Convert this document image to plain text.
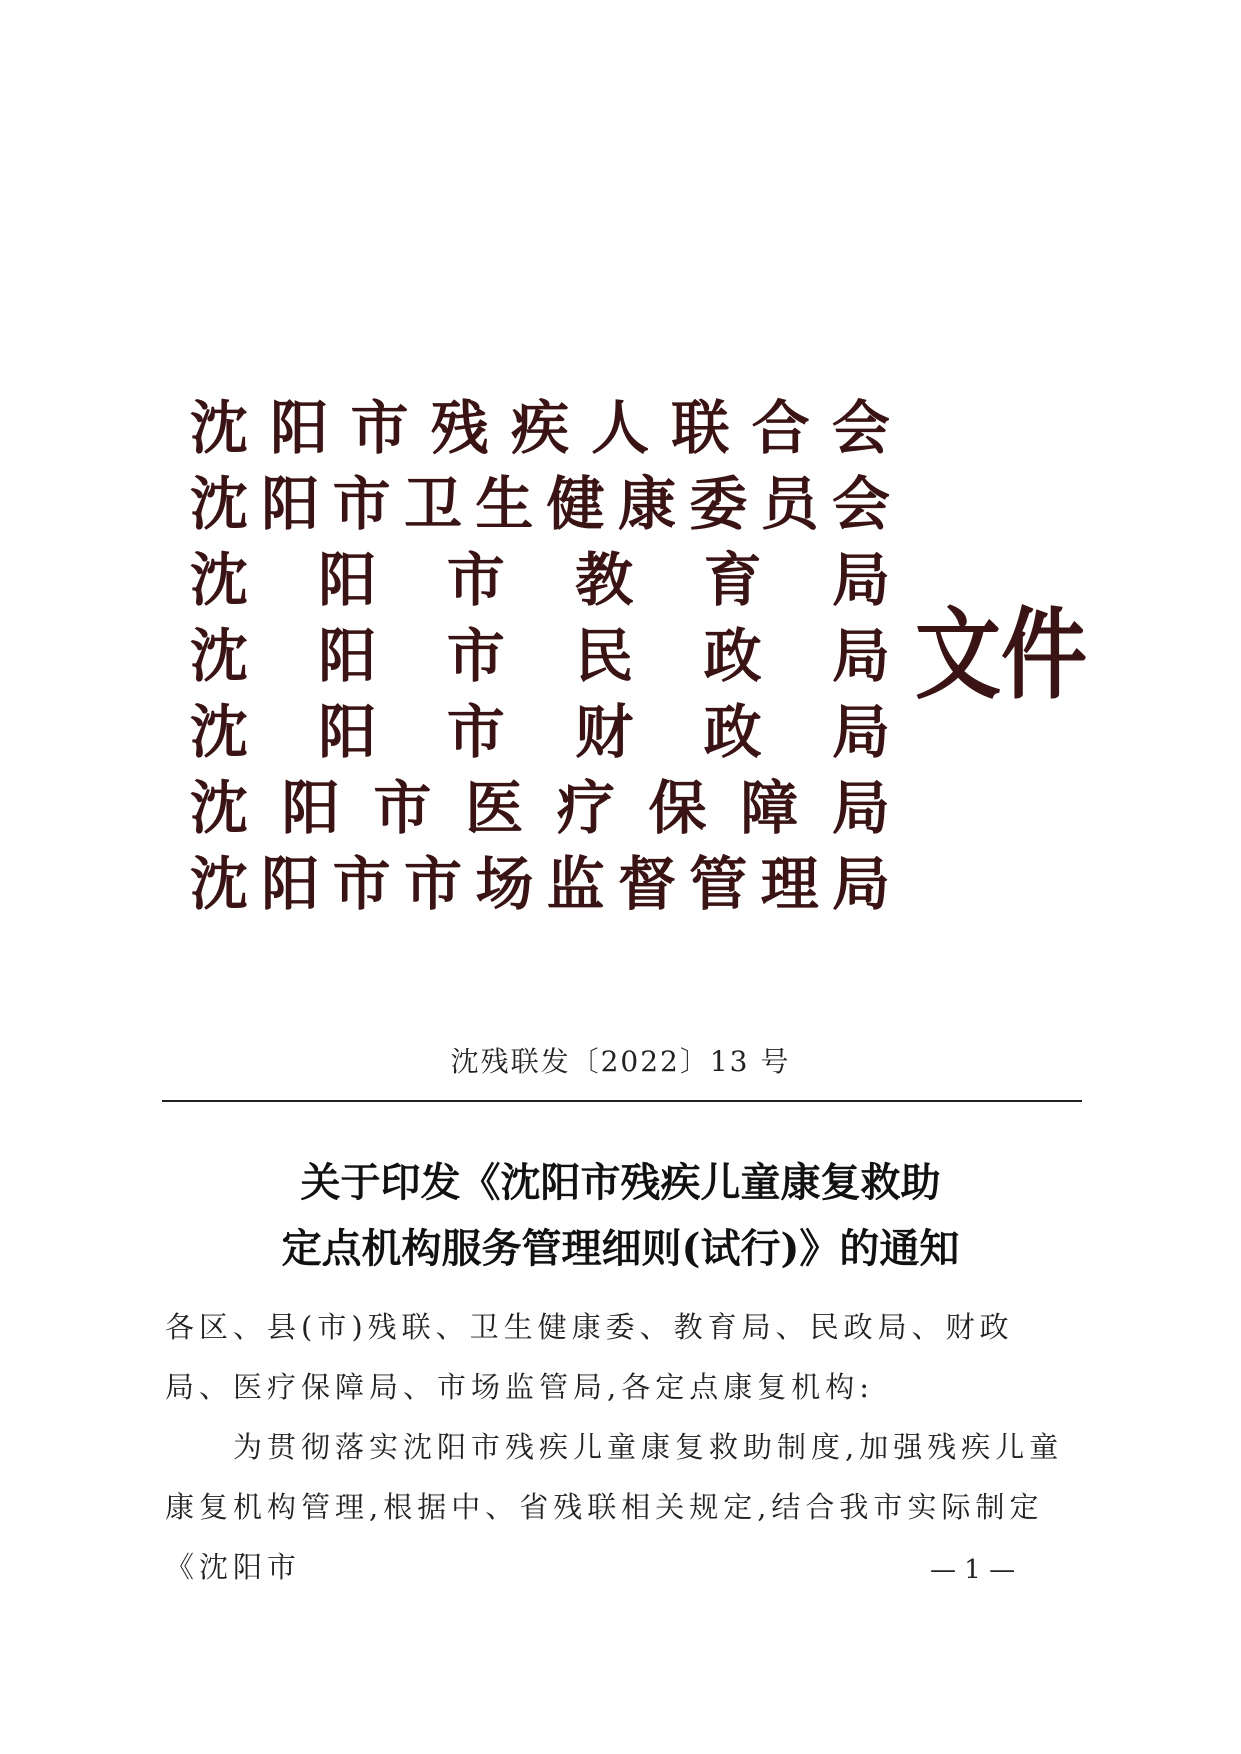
沈 阳 市 残 疾 人 联 合 会
沈 阳 市 卫 生 健 康 委 员 会
沈 阳 市 教 育 局
沈 阳 市 民 政 局
沈 阳 市 财 政 局
沈 阳 市 医 疗 保 障 局
沈 阳 市 市 场 监 督 管 理 局
文件
沈残联发〔2022〕13 号
关于印发《沈阳市残疾儿童康复救助
定点机构服务管理细则(试行)》的通知
各区、县(市)残联、卫生健康委、教育局、民政局、财政局、医疗保障局、市场监管局,各定点康复机构:
为贯彻落实沈阳市残疾儿童康复救助制度,加强残疾儿童康复机构管理,根据中、省残联相关规定,结合我市实际制定《沈阳市	— 1 —
